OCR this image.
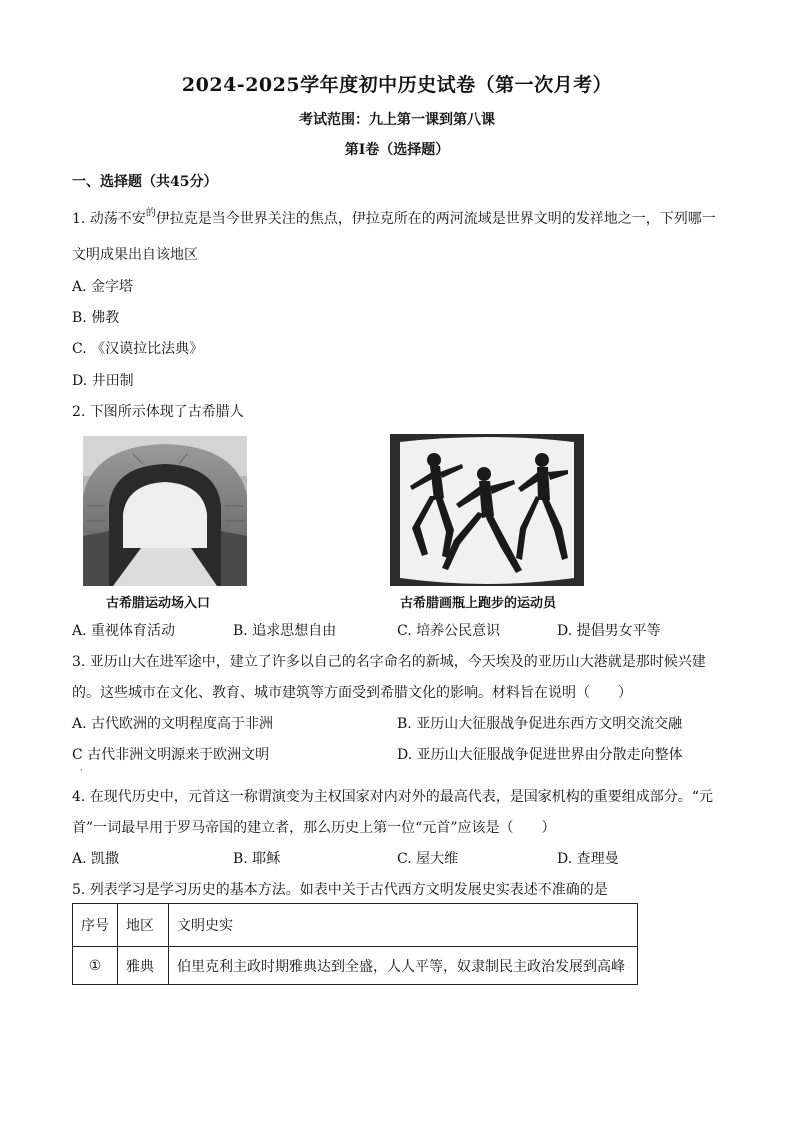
2024-2025学年度初中历史试卷（第一次月考）
考试范围：九上第一课到第八课
第Ⅰ卷（选择题）
一、选择题（共45分）
1. 动荡不安$^的$伊拉克是当今世界关注的焦点，伊拉克所在的两河流域是世界文明的发祥地之一，下列哪一
文明成果出自该地区
A. 金字塔
B. 佛教
C. 《汉谟拉比法典》
D. 井田制
2. 下图所示体现了古希腊人
古希腊运动场入口	古希腊画瓶上跑步的运动员
A. 重视体育活动	B. 追求思想自由	C. 培养公民意识	D. 提倡男女平等
3. 亚历山大在进军途中，建立了许多以自己的名字命名的新城，今天埃及的亚历山大港就是那时候兴建
的。这些城市在文化、教育、城市建筑等方面受到希腊文化的影响。材料旨在说明（　　）
A. 古代欧洲的文明程度高于非洲	B. 亚历山大征服战争促进东西方文明交流交融
C 古代非洲文明源来于欧洲文明	D. 亚历山大征服战争促进世界由分散走向整体
·
4. 在现代历史中，元首这一称谓演变为主权国家对内对外的最高代表，是国家机构的重要组成部分。“元
首”一词最早用于罗马帝国的建立者，那么历史上第一位“元首”应该是（　　）
A. 凯撒	B. 耶稣	C. 屋大维	D. 查理曼
5. 列表学习是学习历史的基本方法。如表中关于古代西方文明发展史实表述不准确的是
序号	地区	文明史实
①	雅典	伯里克利主政时期雅典达到全盛，人人平等，奴隶制民主政治发展到高峰
